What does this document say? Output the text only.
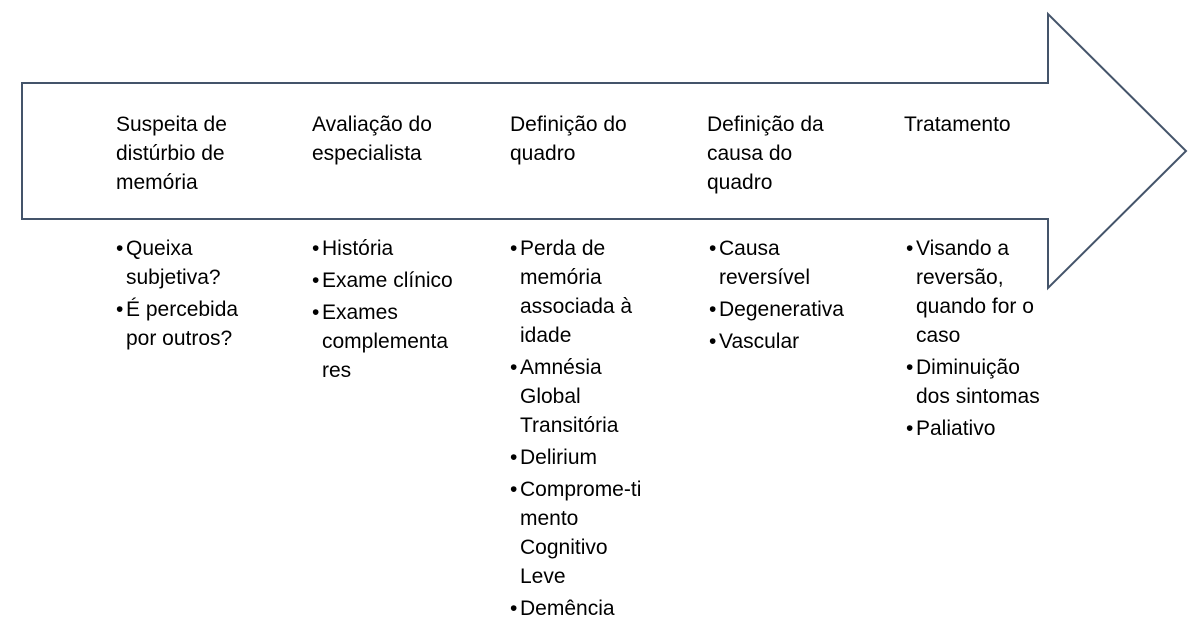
Suspeita de
distúrbio de
memória
• Queixa
subjetiva?
• É percebida
por outros?
Avaliação do
especialista
• História
• Exame clínico
• Exames
complementa
res
Definição do
quadro
• Perda de
memória
associada à
idade
• Amnésia
Global
Transitória
• Delirium
• Comprome-ti
mento
Cognitivo
Leve
• Demência
Definição da
causa do
quadro
• Causa
reversível
• Degenerativa
• Vascular
Tratamento
• Visando a
reversão,
quando for o
caso
• Diminuição
dos sintomas
• Paliativo
